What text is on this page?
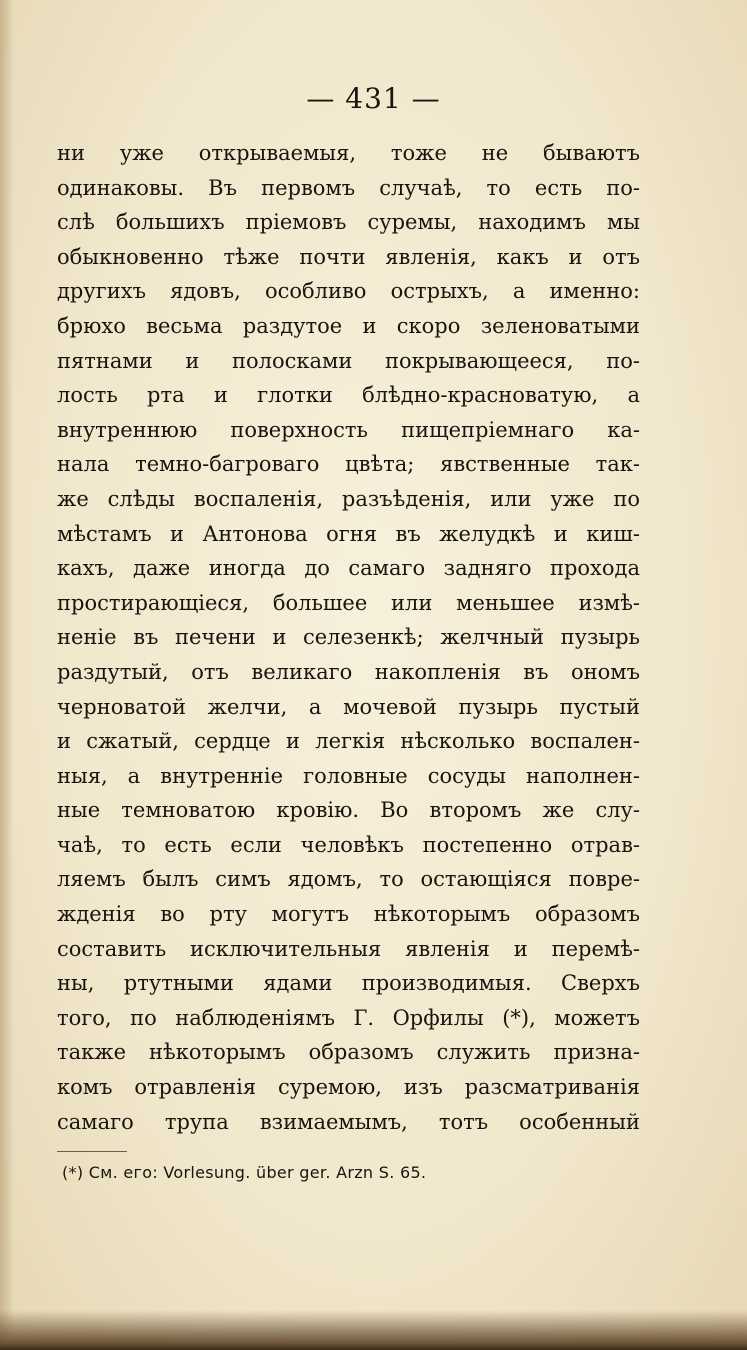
— 431 —
ни уже открываемыя, тоже не бываютъ
одинаковы. Въ первомъ случаѣ, то есть по-
слѣ большихъ пріемовъ суремы, находимъ мы
обыкновенно тѣже почти явленія, какъ и отъ
другихъ ядовъ, особливо острыхъ, а именно:
брюхо весьма раздутое и скоро зеленоватыми
пятнами и полосками покрывающееся, по-
лость рта и глотки блѣдно-красноватую, а
внутреннюю поверхность пищепріемнаго ка-
нала темно-багроваго цвѣта; явственные так-
же слѣды воспаленія, разъѣденія, или уже по
мѣстамъ и Антонова огня въ желудкѣ и киш-
кахъ, даже иногда до самаго задняго прохода
простирающіеся, большее или меньшее измѣ-
неніе въ печени и селезенкѣ; желчный пузырь
раздутый, отъ великаго накопленія въ ономъ
черноватой желчи, а мочевой пузырь пустый
и сжатый, сердце и легкія нѣсколько воспален-
ныя, а внутренніе головные сосуды наполнен-
ные темноватою кровію. Во второмъ же слу-
чаѣ, то есть если человѣкъ постепенно отрав-
ляемъ былъ симъ ядомъ, то остающіяся повре-
жденія во рту могутъ нѣкоторымъ образомъ
составить исключительныя явленія и перемѣ-
ны, ртутными ядами производимыя. Сверхъ
того, по наблюденіямъ Г. Орфилы (*), можетъ
также нѣкоторымъ образомъ служить призна-
комъ отравленія суремою, изъ разсматриванія
самаго трупа взимаемымъ, тотъ особенный
(*) См. его: Vorlesung. über ger. Arzn S. 65.
